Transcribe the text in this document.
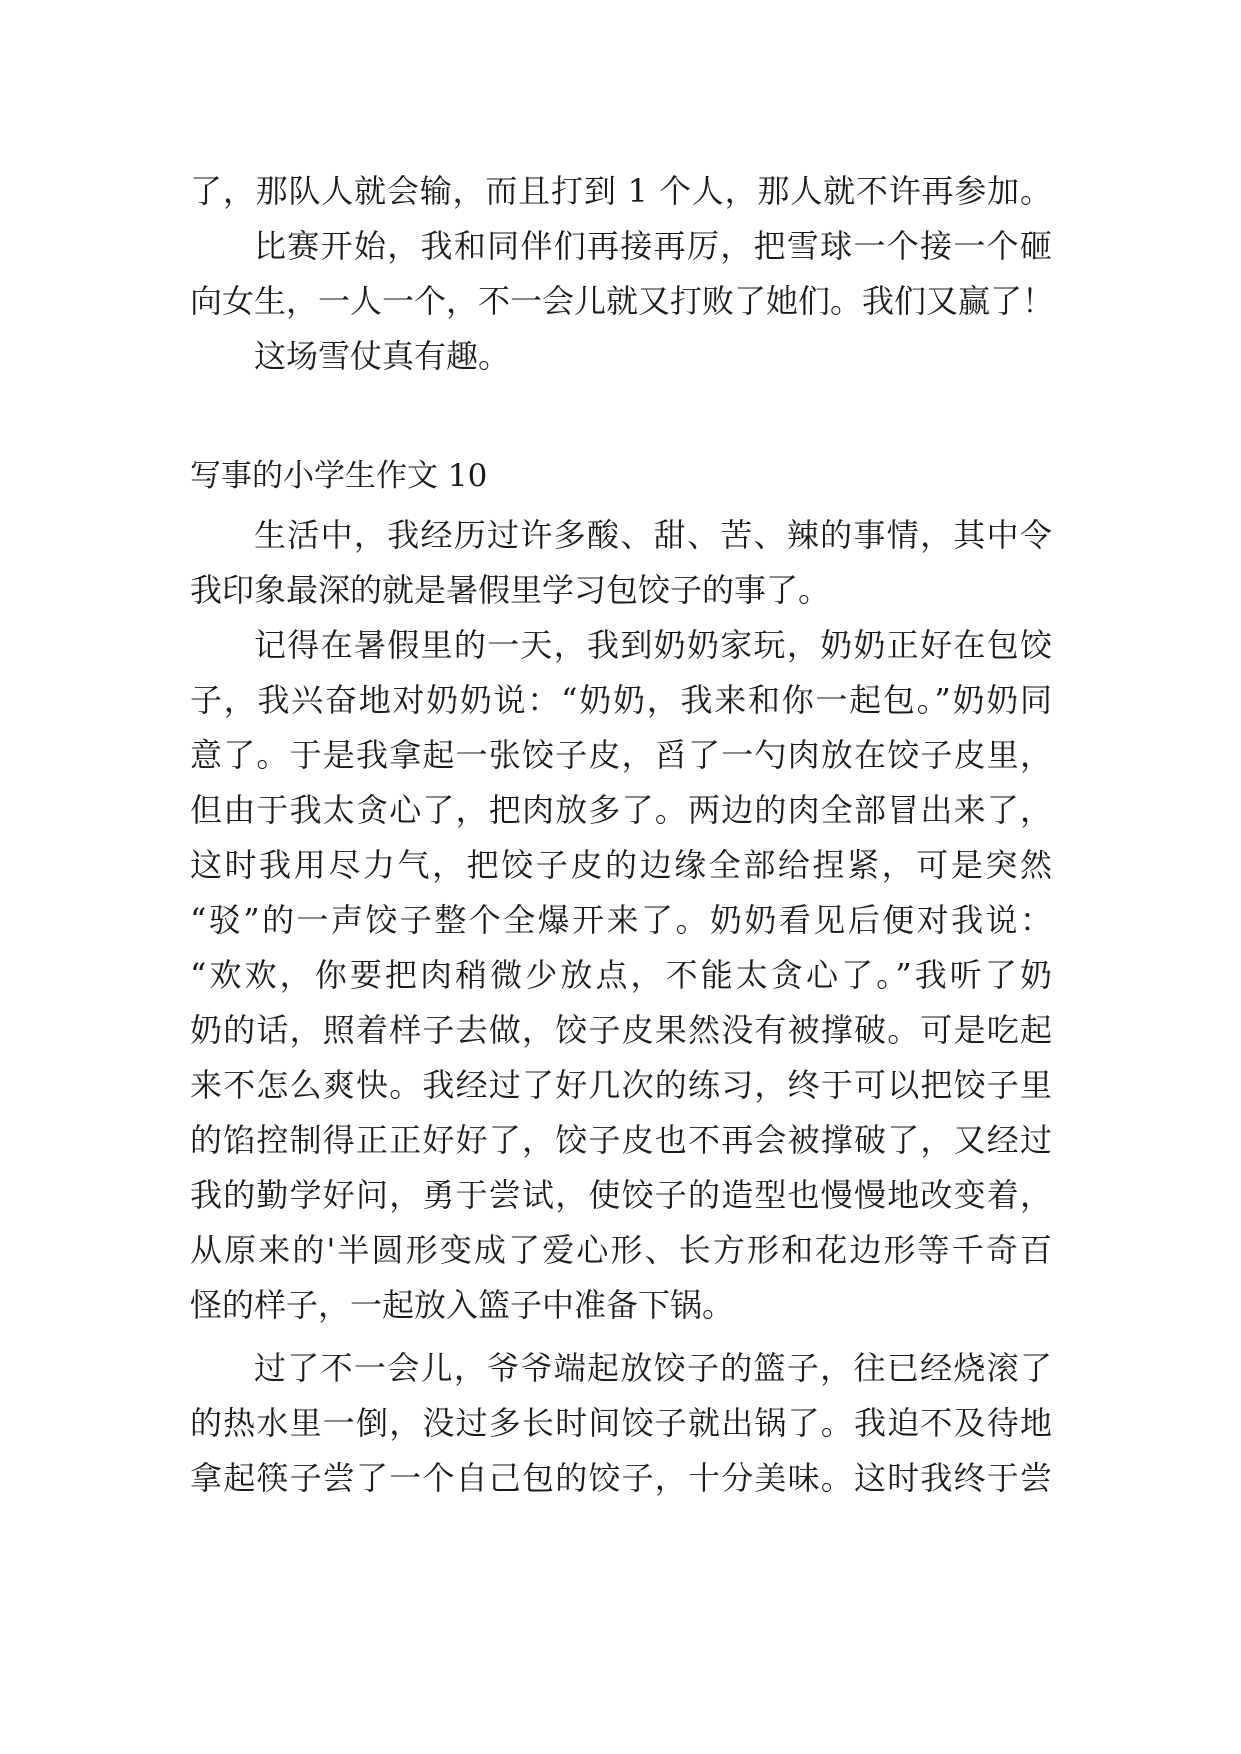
了，那队人就会输，而且打到 1 个人，那人就不许再参加。
比赛开始，我和同伴们再接再厉，把雪球一个接一个砸
向女生，一人一个，不一会儿就又打败了她们。我们又赢了！
这场雪仗真有趣。
写事的小学生作文 10
生活中，我经历过许多酸、甜、苦、辣的事情，其中令
我印象最深的就是暑假里学习包饺子的事了。
记得在暑假里的一天，我到奶奶家玩，奶奶正好在包饺
子，我兴奋地对奶奶说：“奶奶，我来和你一起包。”奶奶同
意了。于是我拿起一张饺子皮，舀了一勺肉放在饺子皮里，
但由于我太贪心了，把肉放多了。两边的肉全部冒出来了，
这时我用尽力气，把饺子皮的边缘全部给捏紧，可是突然
“驳”的一声饺子整个全爆开来了。奶奶看见后便对我说：
“欢欢，你要把肉稍微少放点，不能太贪心了。”我听了奶
奶的话，照着样子去做，饺子皮果然没有被撑破。可是吃起
来不怎么爽快。我经过了好几次的练习，终于可以把饺子里
的馅控制得正正好好了，饺子皮也不再会被撑破了，又经过
我的勤学好问，勇于尝试，使饺子的造型也慢慢地改变着，
从原来的'半圆形变成了爱心形、长方形和花边形等千奇百
怪的样子，一起放入篮子中准备下锅。
过了不一会儿，爷爷端起放饺子的篮子，往已经烧滚了
的热水里一倒，没过多长时间饺子就出锅了。我迫不及待地
拿起筷子尝了一个自己包的饺子，十分美味。这时我终于尝
